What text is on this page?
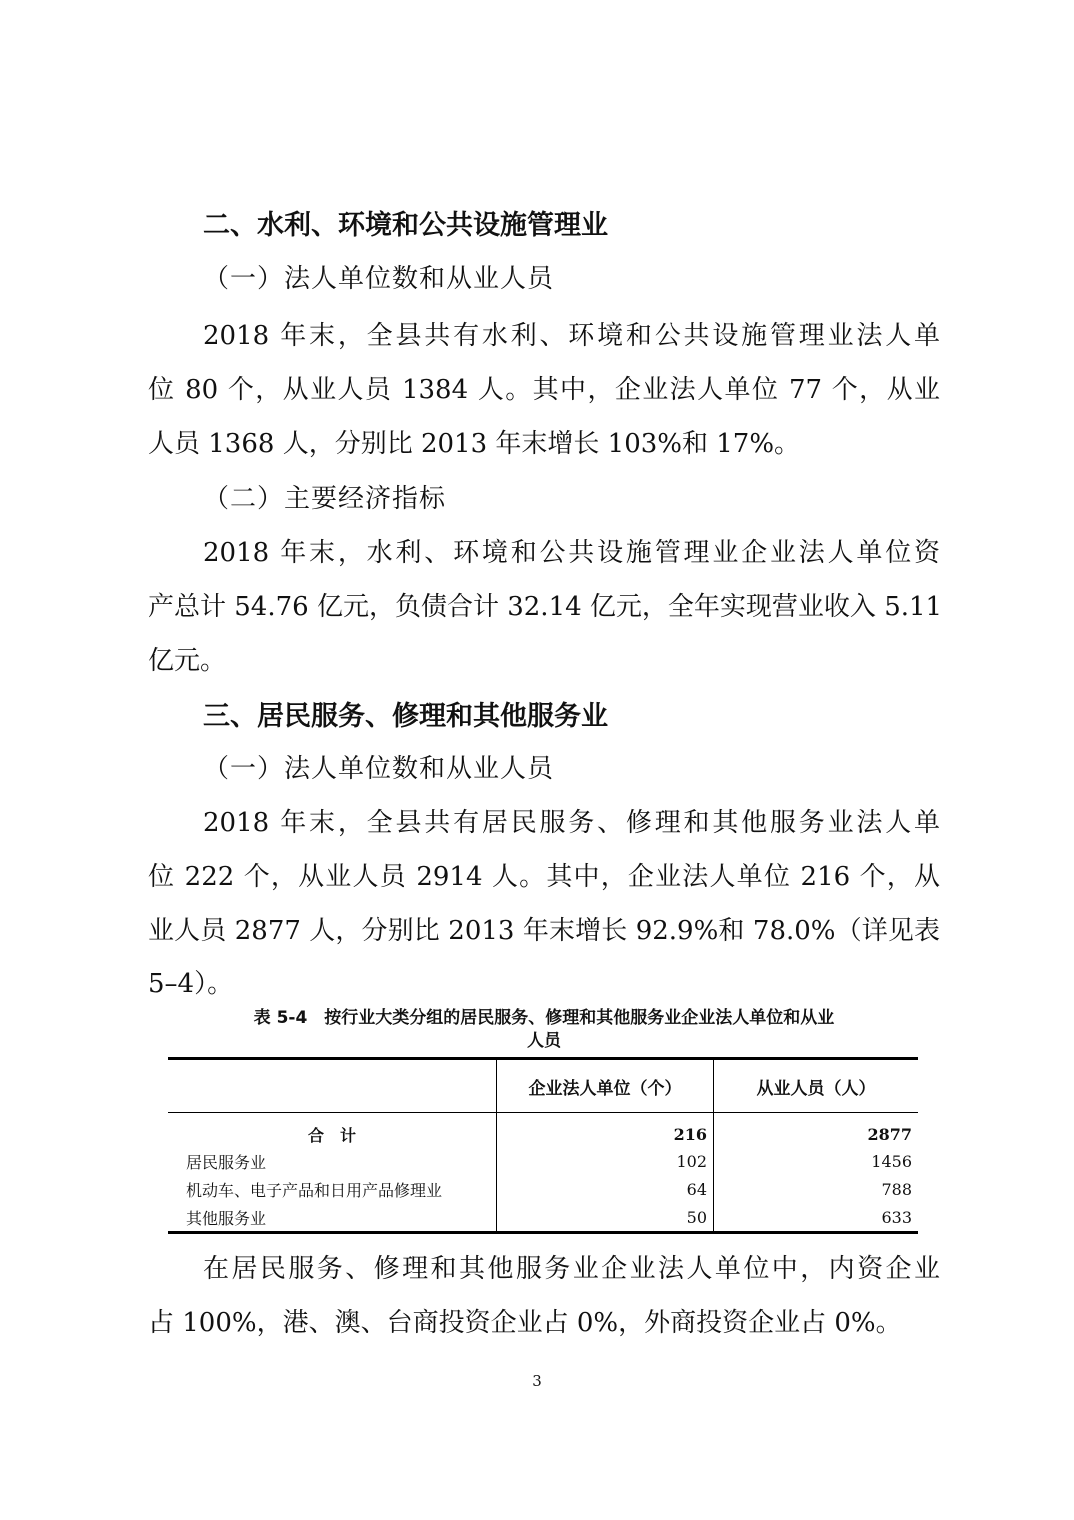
二、水利、环境和公共设施管理业
（一）法人单位数和从业人员
2018 年末，全县共有水利、环境和公共设施管理业法人单
位 80 个，从业人员 1384 人。其中，企业法人单位 77 个，从业
人员 1368 人，分别比 2013 年末增长 103%和 17%。
（二）主要经济指标
2018 年末，水利、环境和公共设施管理业企业法人单位资
产总计 54.76 亿元，负债合计 32.14 亿元，全年实现营业收入 5.11
亿元。
三、居民服务、修理和其他服务业
（一）法人单位数和从业人员
2018 年末，全县共有居民服务、修理和其他服务业法人单
位 222 个，从业人员 2914 人。其中，企业法人单位 216 个，从
业人员 2877 人，分别比 2013 年末增长 92.9%和 78.0%（详见表
5–4）。
表 5-4　按行业大类分组的居民服务、修理和其他服务业企业法人单位和从业
人员
	企业法人单位（个）	从业人员（人）
合　计	216	2877
居民服务业	102	1456
机动车、电子产品和日用产品修理业	64	788
其他服务业	50	633
在居民服务、修理和其他服务业企业法人单位中，内资企业
占 100%，港、澳、台商投资企业占 0%，外商投资企业占 0%。
3
